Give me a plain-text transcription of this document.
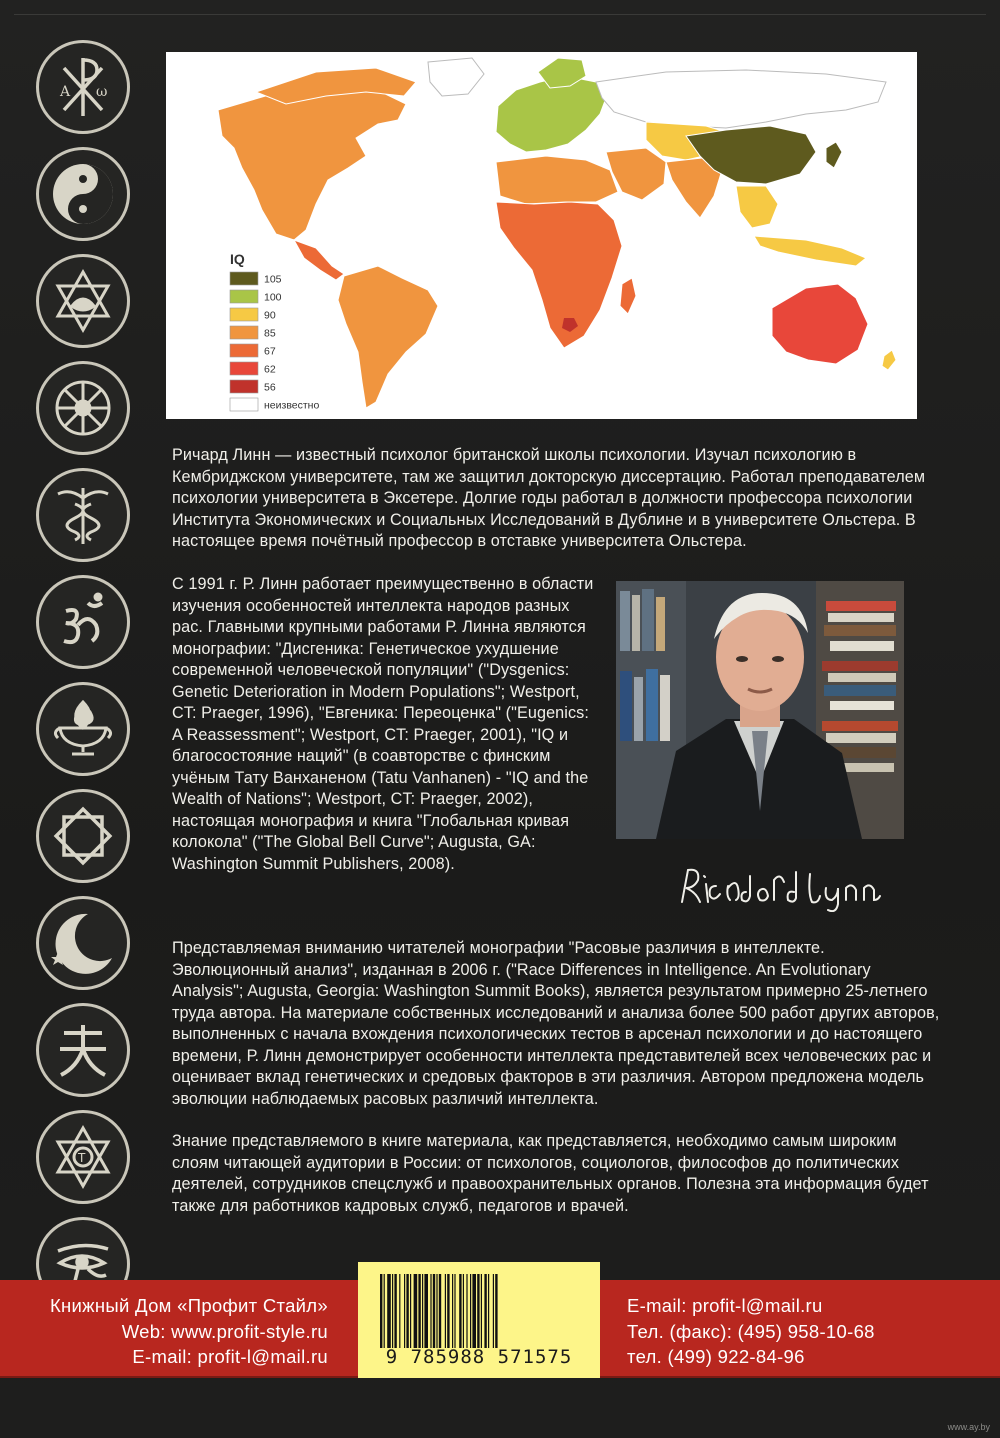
A ω
T
IQ
105
100
90
85
67
62
56
неизвестно
Ричард Линн — известный психолог британской школы психологии. Изучал психологию в Кембриджском университете, там же защитил докторскую диссертацию. Работал преподавателем психологии университета в Эксетере. Долгие годы работал в должности профессора психологии Института Экономических и Социальных Исследований в Дублине и в университете Ольстера. В настоящее время почётный профессор в отставке университета Ольстера.
С 1991 г. Р. Линн работает преимущественно в области изучения особенностей интеллекта народов разных рас. Главными крупными работами Р. Линна являются монографии: "Дисгеника: Генетическое ухудшение современной человеческой популяции" ("Dysgenics: Genetic Deterioration in Modern Populations"; Westport, CT: Praeger, 1996), "Евгеника: Переоценка" ("Eugenics: A Reassessment"; Westport, CT: Praeger, 2001), "IQ и благосостояние наций" (в соавторстве с финским учёным Тату Ванханеном (Tatu Vanhanen) - "IQ and the Wealth of Nations"; Westport, CT: Praeger, 2002), настоящая монография и книга "Глобальная кривая колокола" ("The Global Bell Curve"; Augusta, GA: Washington Summit Publishers, 2008).	Richard Lynn
Представляемая вниманию читателей монографии "Расовые различия в интеллекте. Эволюционный анализ", изданная в 2006 г. ("Race Differences in Intelligence. An Evolutionary Analysis"; Augusta, Georgia: Washington Summit Books), является результатом примерно 25-летнего труда автора. На материале собственных исследований и анализа более 500 работ других авторов, выполненных с начала вхождения психологических тестов в арсенал психологии и до настоящего времени, Р. Линн демонстрирует особенности интеллекта представителей всех человеческих рас и оценивает вклад генетических и средовых факторов в эти различия. Автором предложена модель эволюции наблюдаемых расовых различий интеллекта.
Знание представляемого в книге материала, как представляется, необходимо самым широким слоям читающей аудитории в России: от психологов, социологов, философов до политических деятелей, сотрудников спецслужб и правоохранительных органов. Полезна эта информация будет также для работников кадровых служб, педагогов и врачей.
Книжный Дом «Профит Стайл»
Web: www.profit-style.ru
E-mail: profit-l@mail.ru
E-mail: profit-l@mail.ru
Тел. (факс): (495) 958-10-68
тел. (499) 922-84-96
9 785988 571575
www.ay.by
